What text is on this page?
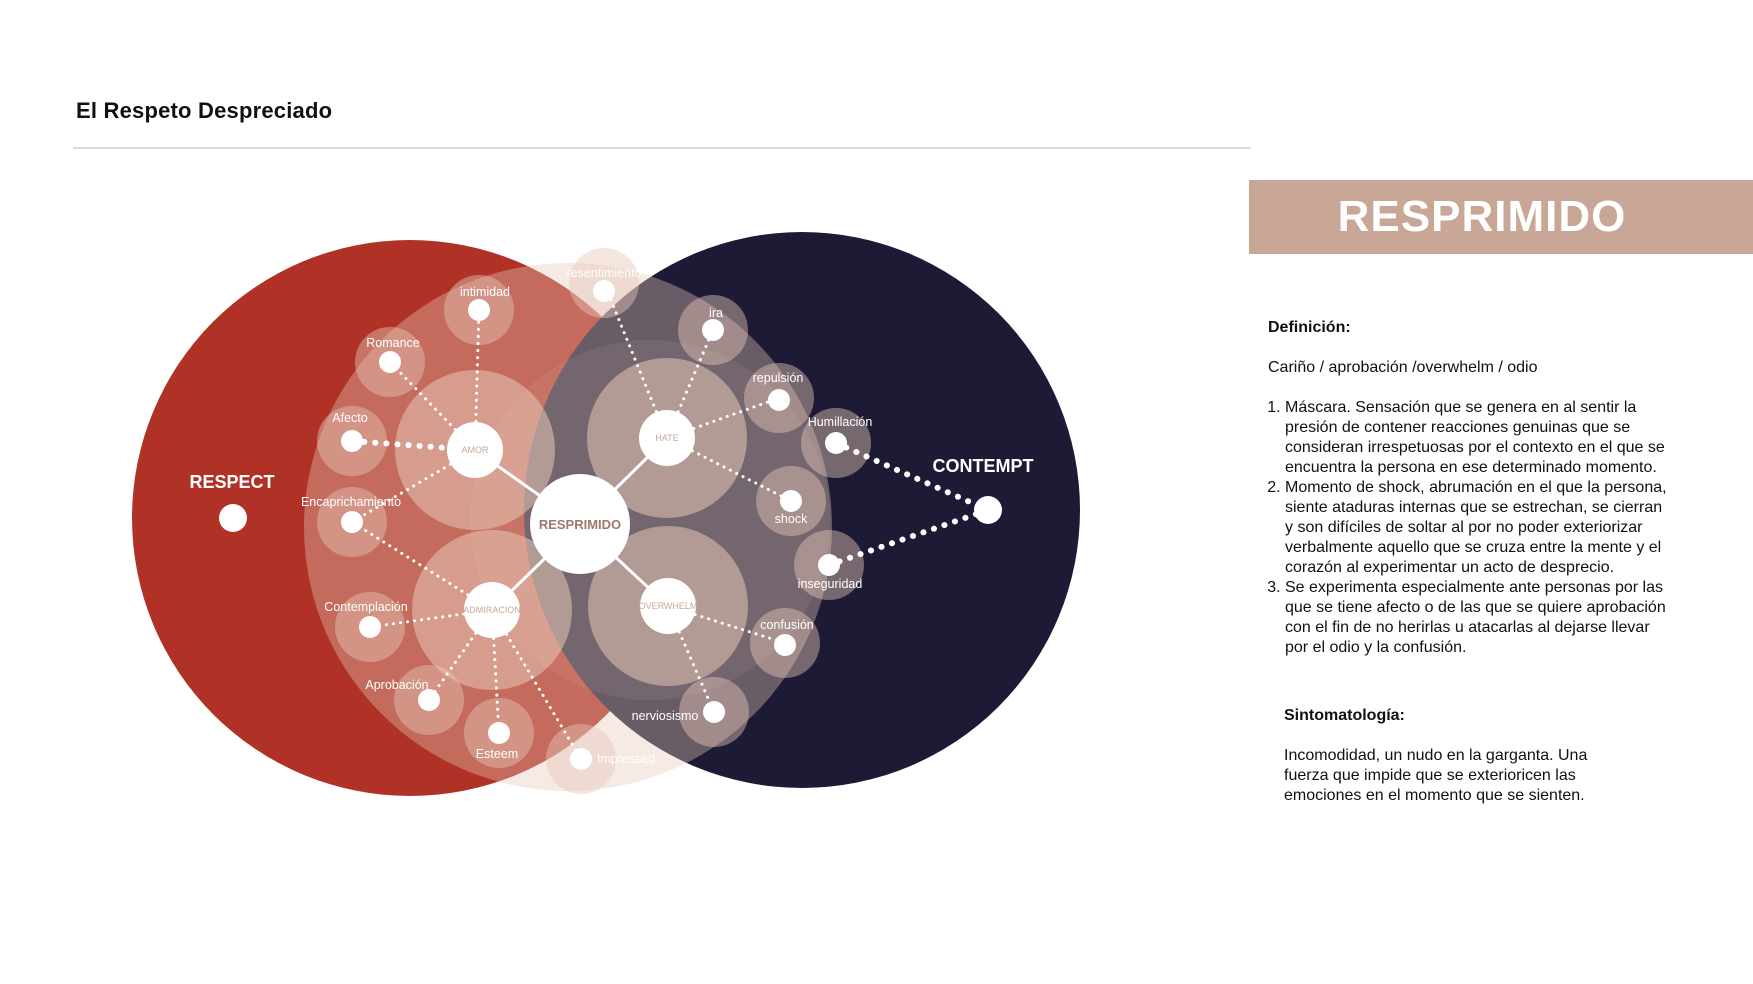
El Respeto Despreciado
RESPRIMIDO
AMOR
HATE
ADMIRACION	OVERWHELM
intimidad
Romance
Afecto
Encaprichamiento
Contemplación
Aprobación
Esteem	Impressed
resentimiento
ira
repulsión
Humillación
shock
inseguridad
confusión
nerviosismo
RESPECT
CONTEMPT
RESPRIMIDO

Definición:

Cariño / aprobación /overwhelm / odio

1. Máscara. Sensación que se genera en al sentir la presión de contener reacciones genuinas que se consideran irrespetuosas por el contexto en el que se encuentra la persona en ese determinado momento.
2. Momento de shock, abrumación en el que la persona, siente ataduras internas que se estrechan, se cierran y son difíciles de soltar al por no poder exteriorizar verbalmente aquello que se cruza entre la mente y el corazón al experimentar un acto de desprecio.
3. Se experimenta especialmente ante personas por las que se tiene afecto o de las que se quiere aprobación con el fin de no herirlas u atacarlas al dejarse llevar por el odio y la confusión.

Sintomatología:

Incomodidad, un nudo en la garganta. Una fuerza que impide que se exterioricen las emociones en el momento que se sienten.
